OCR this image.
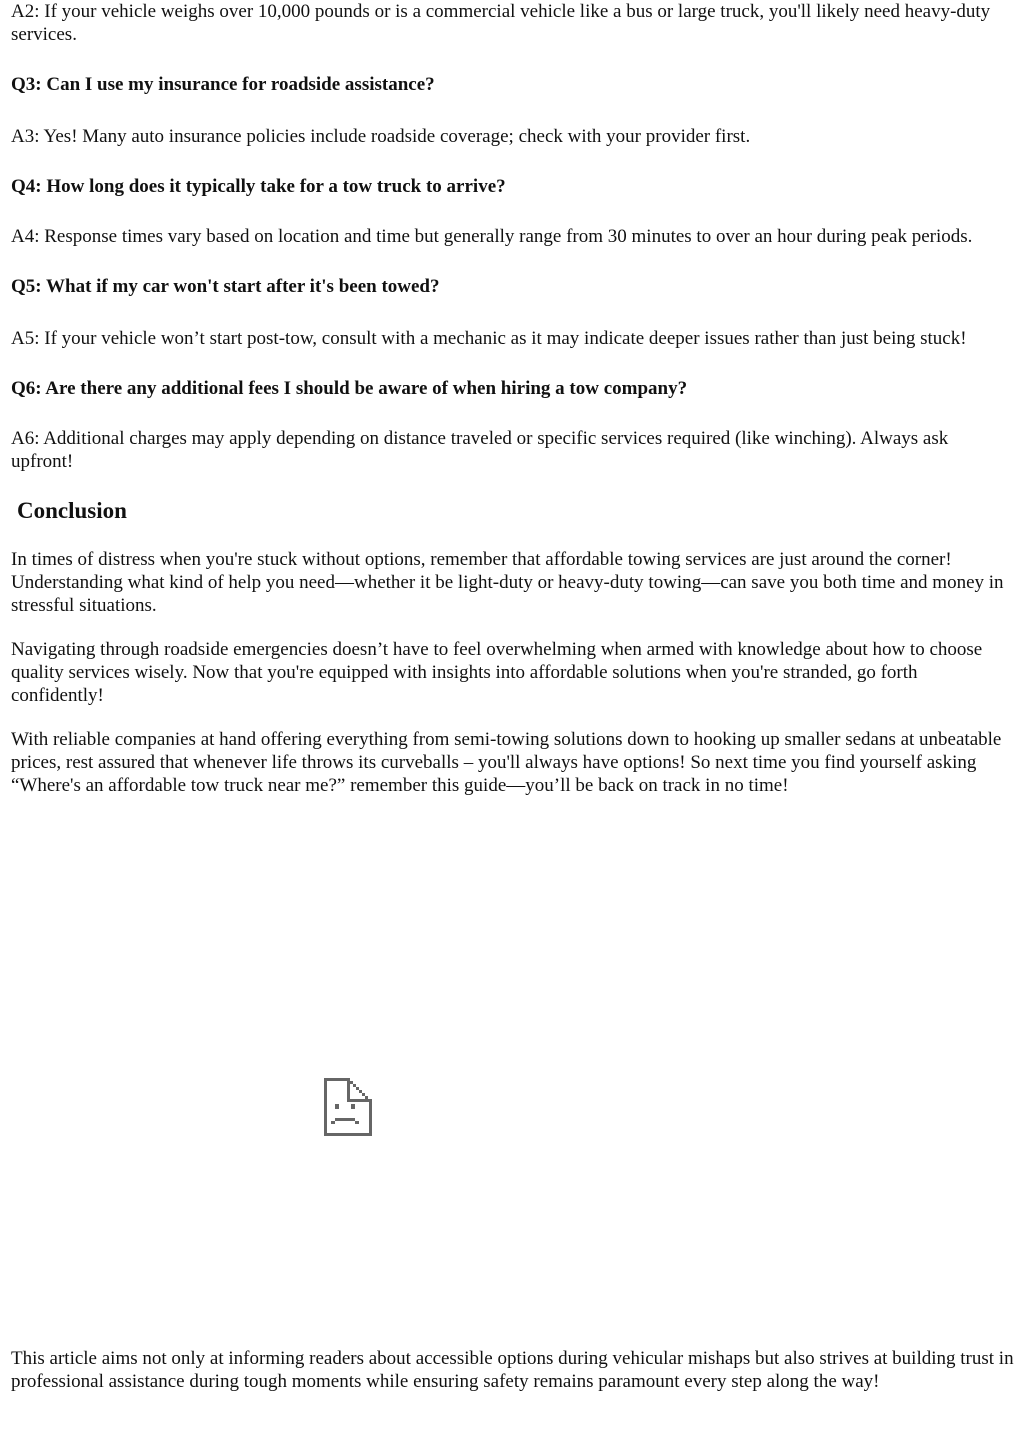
A2: If your vehicle weighs over 10,000 pounds or is a commercial vehicle like a bus or large truck, you'll likely need heavy-duty services.

Q3: Can I use my insurance for roadside assistance?

A3: Yes! Many auto insurance policies include roadside coverage; check with your provider first.

Q4: How long does it typically take for a tow truck to arrive?

A4: Response times vary based on location and time but generally range from 30 minutes to over an hour during peak periods.

Q5: What if my car won't start after it's been towed?

A5: If your vehicle won’t start post-tow, consult with a mechanic as it may indicate deeper issues rather than just being stuck!

Q6: Are there any additional fees I should be aware of when hiring a tow company?

A6: Additional charges may apply depending on distance traveled or specific services required (like winching). Always ask upfront!

Conclusion

In times of distress when you're stuck without options, remember that affordable towing services are just around the corner! Understanding what kind of help you need—whether it be light-duty or heavy-duty towing—can save you both time and money in stressful situations.

Navigating through roadside emergencies doesn’t have to feel overwhelming when armed with knowledge about how to choose quality services wisely. Now that you're equipped with insights into affordable solutions when you're stranded, go forth confidently!

With reliable companies at hand offering everything from semi-towing solutions down to hooking up smaller sedans at unbeatable prices, rest assured that whenever life throws its curveballs – you'll always have options! So next time you find yourself asking “Where's an affordable tow truck near me?” remember this guide—you’ll be back on track in no time!

This article aims not only at informing readers about accessible options during vehicular mishaps but also strives at building trust in professional assistance during tough moments while ensuring safety remains paramount every step along the way!
